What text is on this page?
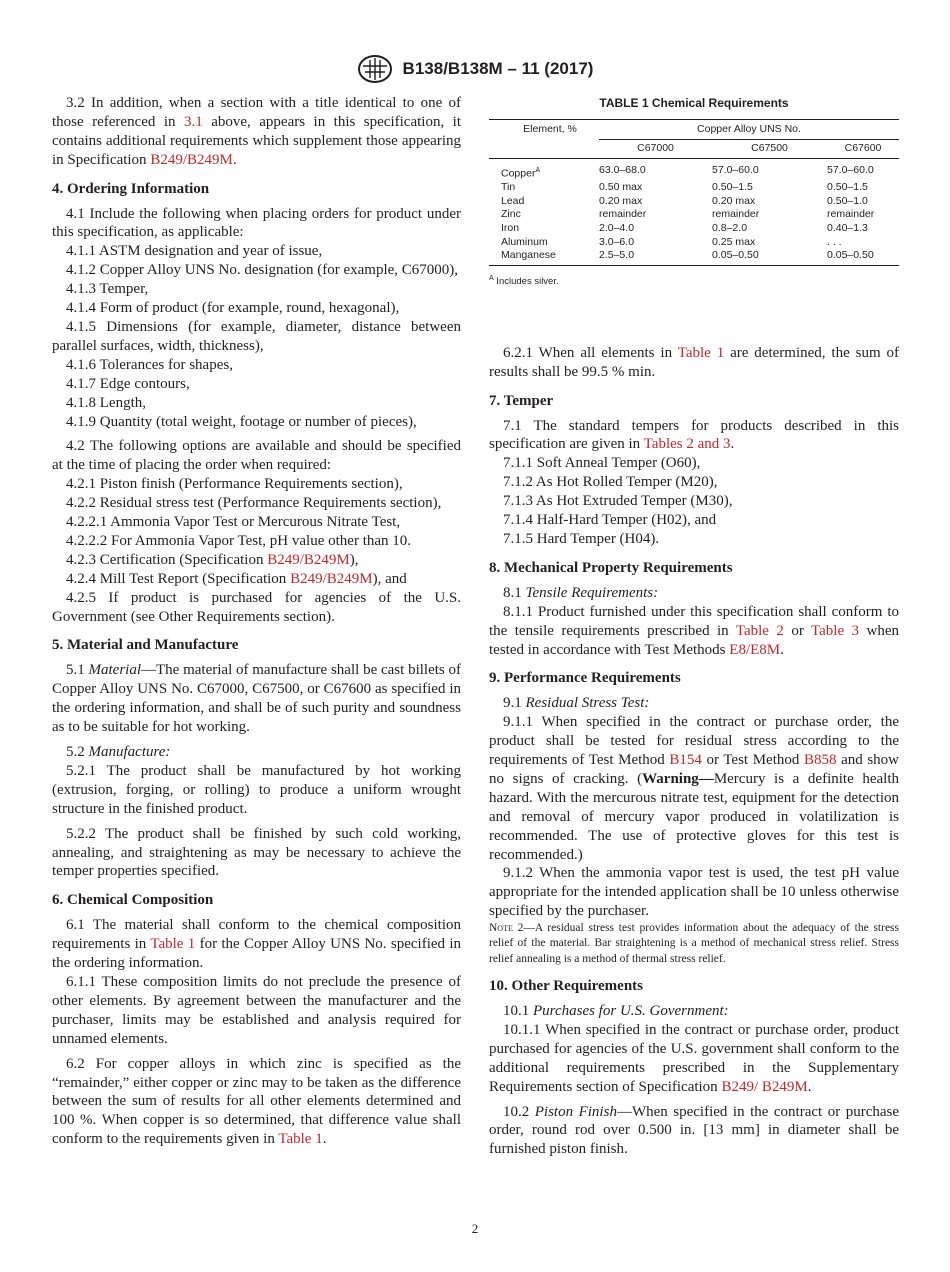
B138/B138M – 11 (2017)

3.2 In addition, when a section with a title identical to one of those referenced in 3.1 above, appears in this specification, it contains additional requirements which supplement those appearing in Specification B249/B249M.

4. Ordering Information

4.1 Include the following when placing orders for product under this specification, as applicable:

4.1.1 ASTM designation and year of issue,

4.1.2 Copper Alloy UNS No. designation (for example, C67000),

4.1.3 Temper,

4.1.4 Form of product (for example, round, hexagonal),

4.1.5 Dimensions (for example, diameter, distance between parallel surfaces, width, thickness),

4.1.6 Tolerances for shapes,

4.1.7 Edge contours,

4.1.8 Length,

4.1.9 Quantity (total weight, footage or number of pieces),

4.2 The following options are available and should be specified at the time of placing the order when required:

4.2.1 Piston finish (Performance Requirements section),

4.2.2 Residual stress test (Performance Requirements section),

4.2.2.1 Ammonia Vapor Test or Mercurous Nitrate Test,

4.2.2.2 For Ammonia Vapor Test, pH value other than 10.

4.2.3 Certification (Specification B249/B249M),

4.2.4 Mill Test Report (Specification B249/B249M), and

4.2.5 If product is purchased for agencies of the U.S. Government (see Other Requirements section).

5. Material and Manufacture

5.1 Material—The material of manufacture shall be cast billets of Copper Alloy UNS No. C67000, C67500, or C67600 as specified in the ordering information, and shall be of such purity and soundness as to be suitable for hot working.

5.2 Manufacture:

5.2.1 The product shall be manufactured by hot working (extrusion, forging, or rolling) to produce a uniform wrought structure in the finished product.

5.2.2 The product shall be finished by such cold working, annealing, and straightening as may be necessary to achieve the temper properties specified.

6. Chemical Composition

6.1 The material shall conform to the chemical composition requirements in Table 1 for the Copper Alloy UNS No. specified in the ordering information.

6.1.1 These composition limits do not preclude the presence of other elements. By agreement between the manufacturer and the purchaser, limits may be established and analysis required for unnamed elements.

6.2 For copper alloys in which zinc is specified as the “remainder,” either copper or zinc may to be taken as the difference between the sum of results for all other elements determined and 100 %. When copper is so determined, that difference value shall conform to the requirements given in Table 1.

TABLE 1 Chemical Requirements

Element, %	Copper Alloy UNS No.		
	C67000	C67500	C67600
Copper$^A$	63.0–68.0	57.0–60.0	57.0–60.0
Tin	0.50 max	0.50–1.5	0.50–1.5
Lead	0.20 max	0.20 max	0.50–1.0
Zinc	remainder	remainder	remainder
Iron	2.0–4.0	0.8–2.0	0.40–1.3
Aluminum	3.0–6.0	0.25 max	. . .
Manganese	2.5–5.0	0.05–0.50	0.05–0.50

$^A$ Includes silver.

6.2.1 When all elements in Table 1 are determined, the sum of results shall be 99.5 % min.

7. Temper

7.1 The standard tempers for products described in this specification are given in Tables 2 and 3.

7.1.1 Soft Anneal Temper (O60),

7.1.2 As Hot Rolled Temper (M20),

7.1.3 As Hot Extruded Temper (M30),

7.1.4 Half-Hard Temper (H02), and

7.1.5 Hard Temper (H04).

8. Mechanical Property Requirements

8.1 Tensile Requirements:

8.1.1 Product furnished under this specification shall conform to the tensile requirements prescribed in Table 2 or Table 3 when tested in accordance with Test Methods E8/E8M.

9. Performance Requirements

9.1 Residual Stress Test:

9.1.1 When specified in the contract or purchase order, the product shall be tested for residual stress according to the requirements of Test Method B154 or Test Method B858 and show no signs of cracking. (Warning—Mercury is a definite health hazard. With the mercurous nitrate test, equipment for the detection and removal of mercury vapor produced in volatilization is recommended. The use of protective gloves for this test is recommended.)

9.1.2 When the ammonia vapor test is used, the test pH value appropriate for the intended application shall be 10 unless otherwise specified by the purchaser.

Note 2—A residual stress test provides information about the adequacy of the stress relief of the material. Bar straightening is a method of mechanical stress relief. Stress relief annealing is a method of thermal stress relief.

10. Other Requirements

10.1 Purchases for U.S. Government:

10.1.1 When specified in the contract or purchase order, product purchased for agencies of the U.S. government shall conform to the additional requirements prescribed in the Supplementary Requirements section of Specification B249/ B249M.

10.2 Piston Finish—When specified in the contract or purchase order, round rod over 0.500 in. [13 mm] in diameter shall be furnished piston finish.

2
